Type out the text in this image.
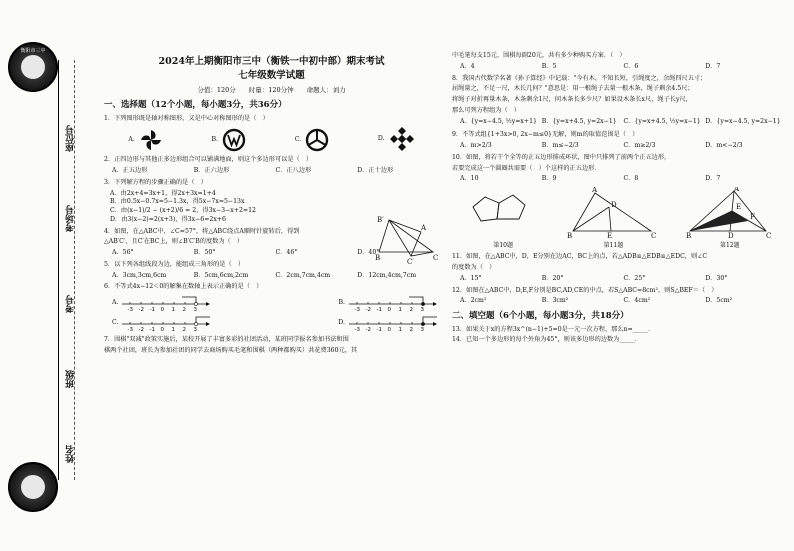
衡阳市三中
座位号
考场号
考号
班级
姓名
2024年上期衡阳市三中（衡铁一中初中部）期末考试
七年级数学试题
分值：120分　　时量：120分钟　　命题人：刘力
一、选择题（12个小题，每小题3分，共36分）
1．下列图形既是轴对称图形，又是中心对称图形的是（　）
A.	B.	C.	D.
2．正四边形与其他正多边形组合可以铺满地面，则这个多边形可以是（　）
A．正五边形	B．正六边形	C．正八边形	D．正十边形
3．下列解方程的步骤正确的是（　）
A．由2x+4=3x+1，得2x+3x=1+4
B．由0.5x−0.7x=5−1.3x，得5x−7x=5−13x
C．由(x−1)/2 − (x+2)/6 = 2，得3x−3−x+2=12
D．由3(x−2)=2(x+3)，得3x−6=2x+6
4．如图，在△ABC中，∠C=57°，将△ABC绕点A顺时针旋转后，得到
△AB′C′，且C′在BC上，则∠B′C′B的度数为（　）
B′
B	C
C′
A
A．56°	B．50°	C．46°	D．40°
5．以下列各组线段为边，能组成三角形的是（　）
A．3cm,3cm,6cm	B．5cm,6cm,2cm	C．2cm,7cm,4cm	D．12cm,4cm,7cm
6．不等式4x−12＜0的解集在数轴上表示正确的是（　）
A.
-3 -2 -1 0 1 2 3
B.
-3 -2 -1 0 1 2 3
C.
-3 -2 -1 0 1 2 3
D.
-3 -2 -1 0 1 2 3
7．围棋"双减"政策实施后，某校开展了丰富多彩的社团活动，某班同学报名参加书法和围
棋两个社团，班长为参加社团的同学去商场购买毛笔和围棋（两种都购买）共花费360元，其
中毛笔每支15元，围棋每副20元，共有多少种购买方案．（　）
A．4	B．5	C．6	D．7
8．我国古代数学名著《孙子算经》中记载："今有木，不知长短，引绳度之，余绳四尺五寸；
屈绳量之，不足一尺，木长几何？"意思是：用一根绳子去量一根木条，绳子剩余4.5尺；
将绳子对折再量木条，木条剩余1尺，问木条长多少尺？如果设木条长x尺，绳子长y尺，
那么可列方程组为（　）
A．{y=x−4.5, ½y=x+1} B．{y=x+4.5, y=2x−1}	C．{y=x+4.5, ½y=x−1} D．{y=x−4.5, y=2x−1}
9．不等式组{1+3x>0, 2x−m≤0}无解，则m的取值范围是（　）
A．m>2/3	B．m≤−2/3	C．m≥2/3	D．m<−2/3
10．如图，将若干个全等的正五边形排成环状，图中只排列了前两个正五边形，
若要完成这一个圆圈共需要（　）个这样的正五边形．
A．10	B．9	C．8	D．7
第10题
A
B	E	C
D
第11题
A
B	D	C
E
F
第12题
11．如图，在△ABC中，D，E分别在边AC，BC上的点，若△ADB≌△EDB≌△EDC，则∠C
的度数为（　）
A．15°	B．20°	C．25°	D．30°
12．如图在△ABC中，D,E,F分别是BC,AD,CE的中点，若S△ABC=8cm²，则S△BEF＝（　）
A．2cm²	B．3cm²	C．4cm²	D．5cm²
二、填空题（6个小题，每小题3分，共18分）
13．如果关于x的方程3x^(n−1)+5=0是一元一次方程，那么n=_____．
14．已知一个多边形的每个外角为45°，则该多边形的边数为_____．
